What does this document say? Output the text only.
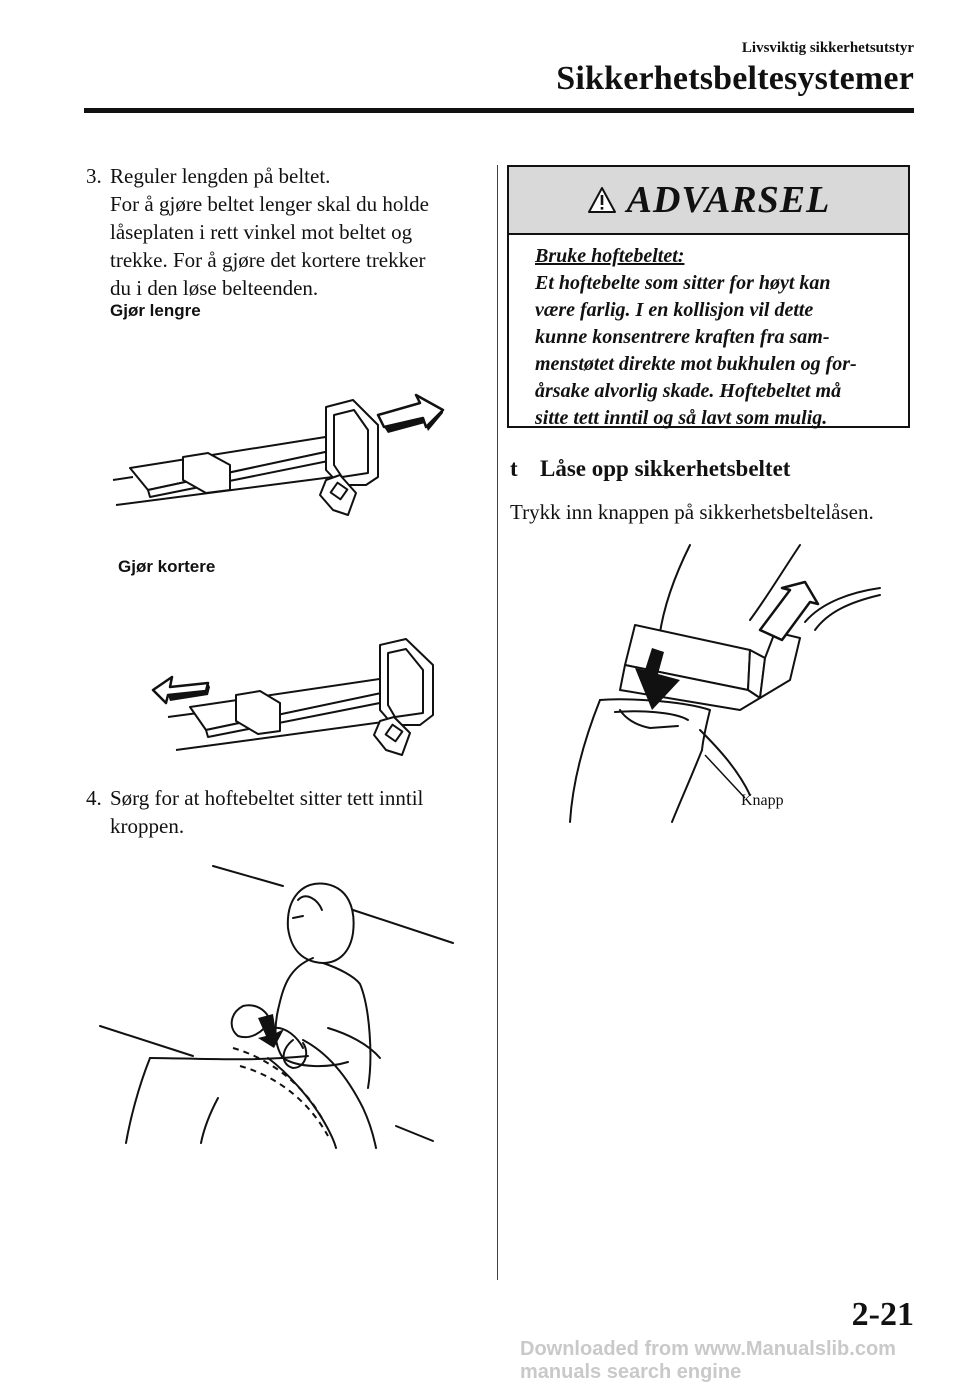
Livsviktig sikkerhetsutstyr
Sikkerhetsbeltesystemer
3. Reguler lengden på beltet.
For å gjøre beltet lenger skal du holde
låseplaten i rett vinkel mot beltet og
trekke. For å gjøre det kortere trekker
du i den løse belteenden.
Gjør lengre
Gjør kortere
4. Sørg for at hoftebeltet sitter tett inntil
kroppen.
ADVARSEL
Bruke hoftebeltet:
Et hoftebelte som sitter for høyt kan
være farlig. I en kollisjon vil dette
kunne konsentrere kraften fra sam-
menstøtet direkte mot bukhulen og for-
årsake alvorlig skade. Hoftebeltet må
sitte tett inntil og så lavt som mulig.
t Låse opp sikkerhetsbeltet
Trykk inn knappen på sikkerhetsbeltelåsen.
Knapp
2-21
Downloaded from www.Manualslib.com manuals search engine
